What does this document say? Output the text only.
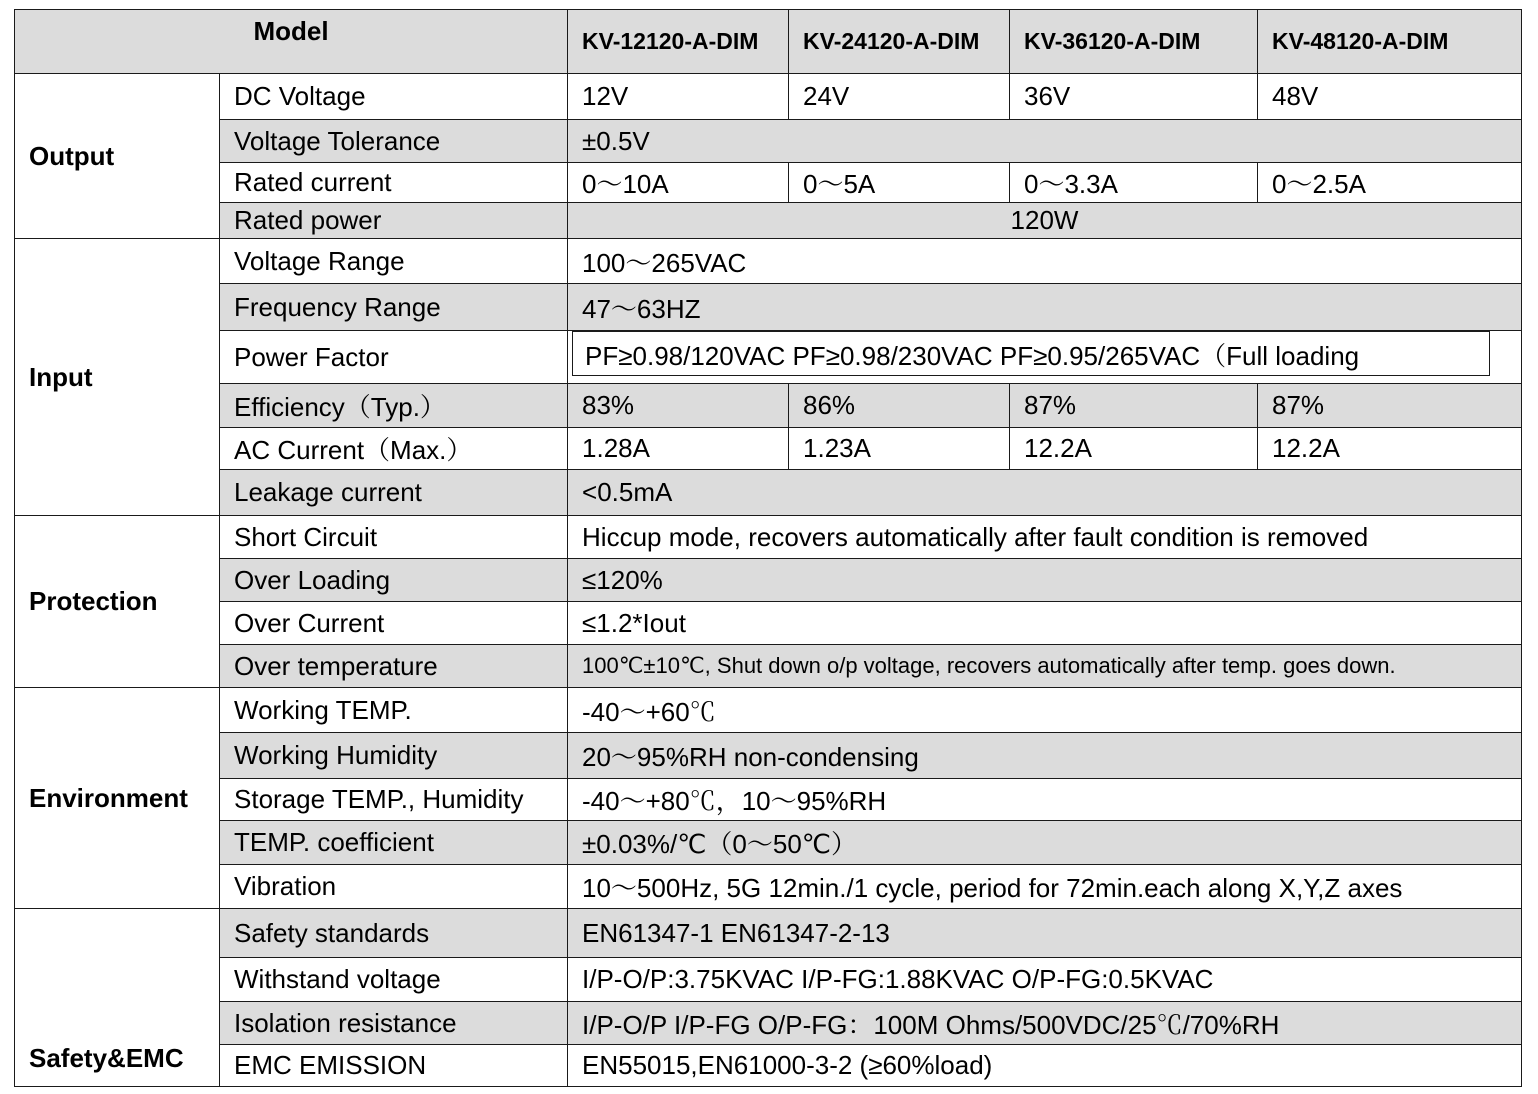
Model		KV-12120-A-DIM	KV-24120-A-DIM	KV-36120-A-DIM	KV-48120-A-DIM
Output	DC Voltage	12V	24V	36V	48V
	Voltage Tolerance	±0.5V			
	Rated current	0～10A	0～5A	0～3.3A	0～2.5A
	Rated power	120W			
Input	Voltage Range	100～265VAC			
	Frequency Range	47～63HZ			
	Power Factor	PF≥0.98/120VAC PF≥0.98/230VAC PF≥0.95/265VAC（Full loading			
	Efficiency（Typ.）	83%	86%	87%	87%
	AC Current（Max.）	1.28A	1.23A	12.2A	12.2A
	Leakage current	<0.5mA			
Protection	Short Circuit	Hiccup mode, recovers automatically after fault condition is removed			
	Over Loading	≤120%			
	Over Current	≤1.2*Iout			
	Over temperature	100℃±10℃, Shut down o/p voltage, recovers automatically after temp. goes down.			
Environment	Working TEMP.	-40～+60℃			
	Working Humidity	20～95%RH non-condensing			
	Storage TEMP., Humidity	-40～+80℃，10～95%RH			
	TEMP. coefficient	±0.03%/℃（0～50℃）			
	Vibration	10～500Hz, 5G 12min./1 cycle, period for 72min.each along X,Y,Z axes			
Safety&EMC	Safety standards	EN61347-1 EN61347-2-13			
	Withstand voltage	I/P-O/P:3.75KVAC I/P-FG:1.88KVAC O/P-FG:0.5KVAC			
	Isolation resistance	I/P-O/P I/P-FG O/P-FG：100M Ohms/500VDC/25℃/70%RH			
	EMC EMISSION	EN55015,EN61000-3-2 (≥60%load)			
